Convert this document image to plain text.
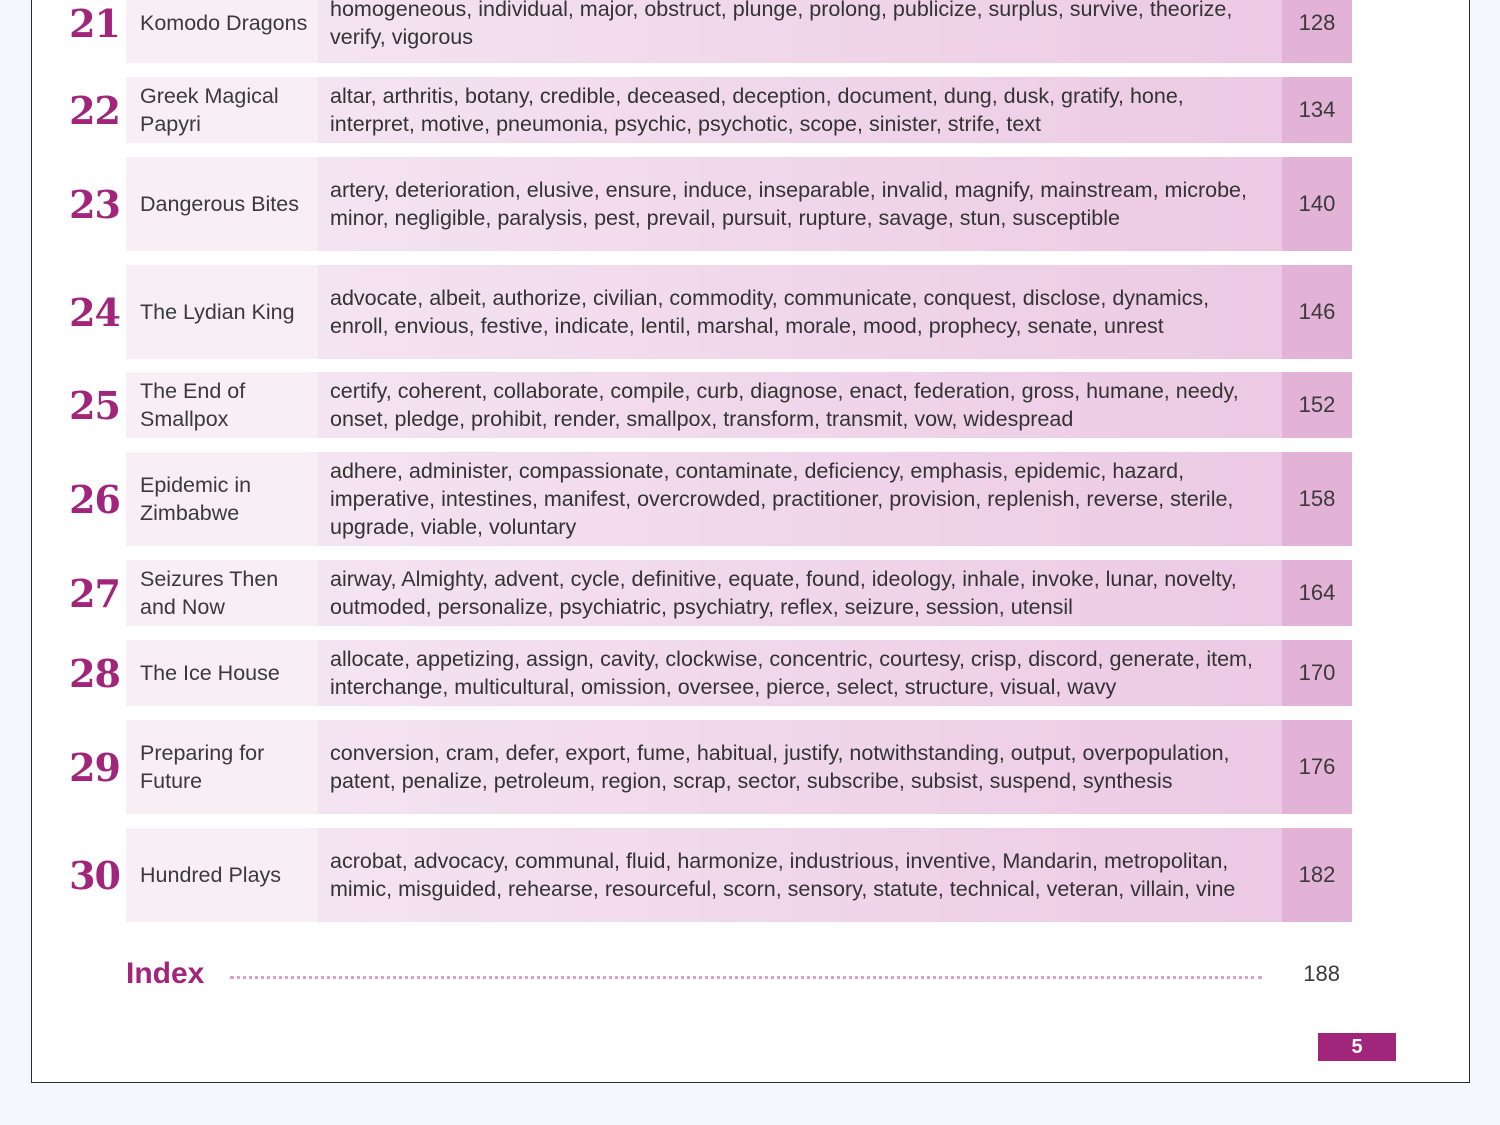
21 Komodo Dragons
homogeneous, individual, major, obstruct, plunge, prolong, publicize, surplus, survive, theorize, verify, vigorous
128
22 Greek Magical Papyri
altar, arthritis, botany, credible, deceased, deception, document, dung, dusk, gratify, hone, interpret, motive, pneumonia, psychic, psychotic, scope, sinister, strife, text
134
23 Dangerous Bites
artery, deterioration, elusive, ensure, induce, inseparable, invalid, magnify, mainstream, microbe, minor, negligible, paralysis, pest, prevail, pursuit, rupture, savage, stun, susceptible
140
24 The Lydian King
advocate, albeit, authorize, civilian, commodity, communicate, conquest, disclose, dynamics, enroll, envious, festive, indicate, lentil, marshal, morale, mood, prophecy, senate, unrest
146
25 The End of Smallpox
certify, coherent, collaborate, compile, curb, diagnose, enact, federation, gross, humane, needy, onset, pledge, prohibit, render, smallpox, transform, transmit, vow, widespread
152
26 Epidemic in Zimbabwe
adhere, administer, compassionate, contaminate, deficiency, emphasis, epidemic, hazard, imperative, intestines, manifest, overcrowded, practitioner, provision, replenish, reverse, sterile, upgrade, viable, voluntary
158
27 Seizures Then and Now
airway, Almighty, advent, cycle, definitive, equate, found, ideology, inhale, invoke, lunar, novelty, outmoded, personalize, psychiatric, psychiatry, reflex, seizure, session, utensil
164
28 The Ice House
allocate, appetizing, assign, cavity, clockwise, concentric, courtesy, crisp, discord, generate, item, interchange, multicultural, omission, oversee, pierce, select, structure, visual, wavy
170
29 Preparing for Future
conversion, cram, defer, export, fume, habitual, justify, notwithstanding, output, overpopulation, patent, penalize, petroleum, region, scrap, sector, subscribe, subsist, suspend, synthesis
176
30 Hundred Plays
acrobat, advocacy, communal, fluid, harmonize, industrious, inventive, Mandarin, metropolitan, mimic, misguided, rehearse, resourceful, scorn, sensory, statute, technical, veteran, villain, vine
182
Index	188
5
